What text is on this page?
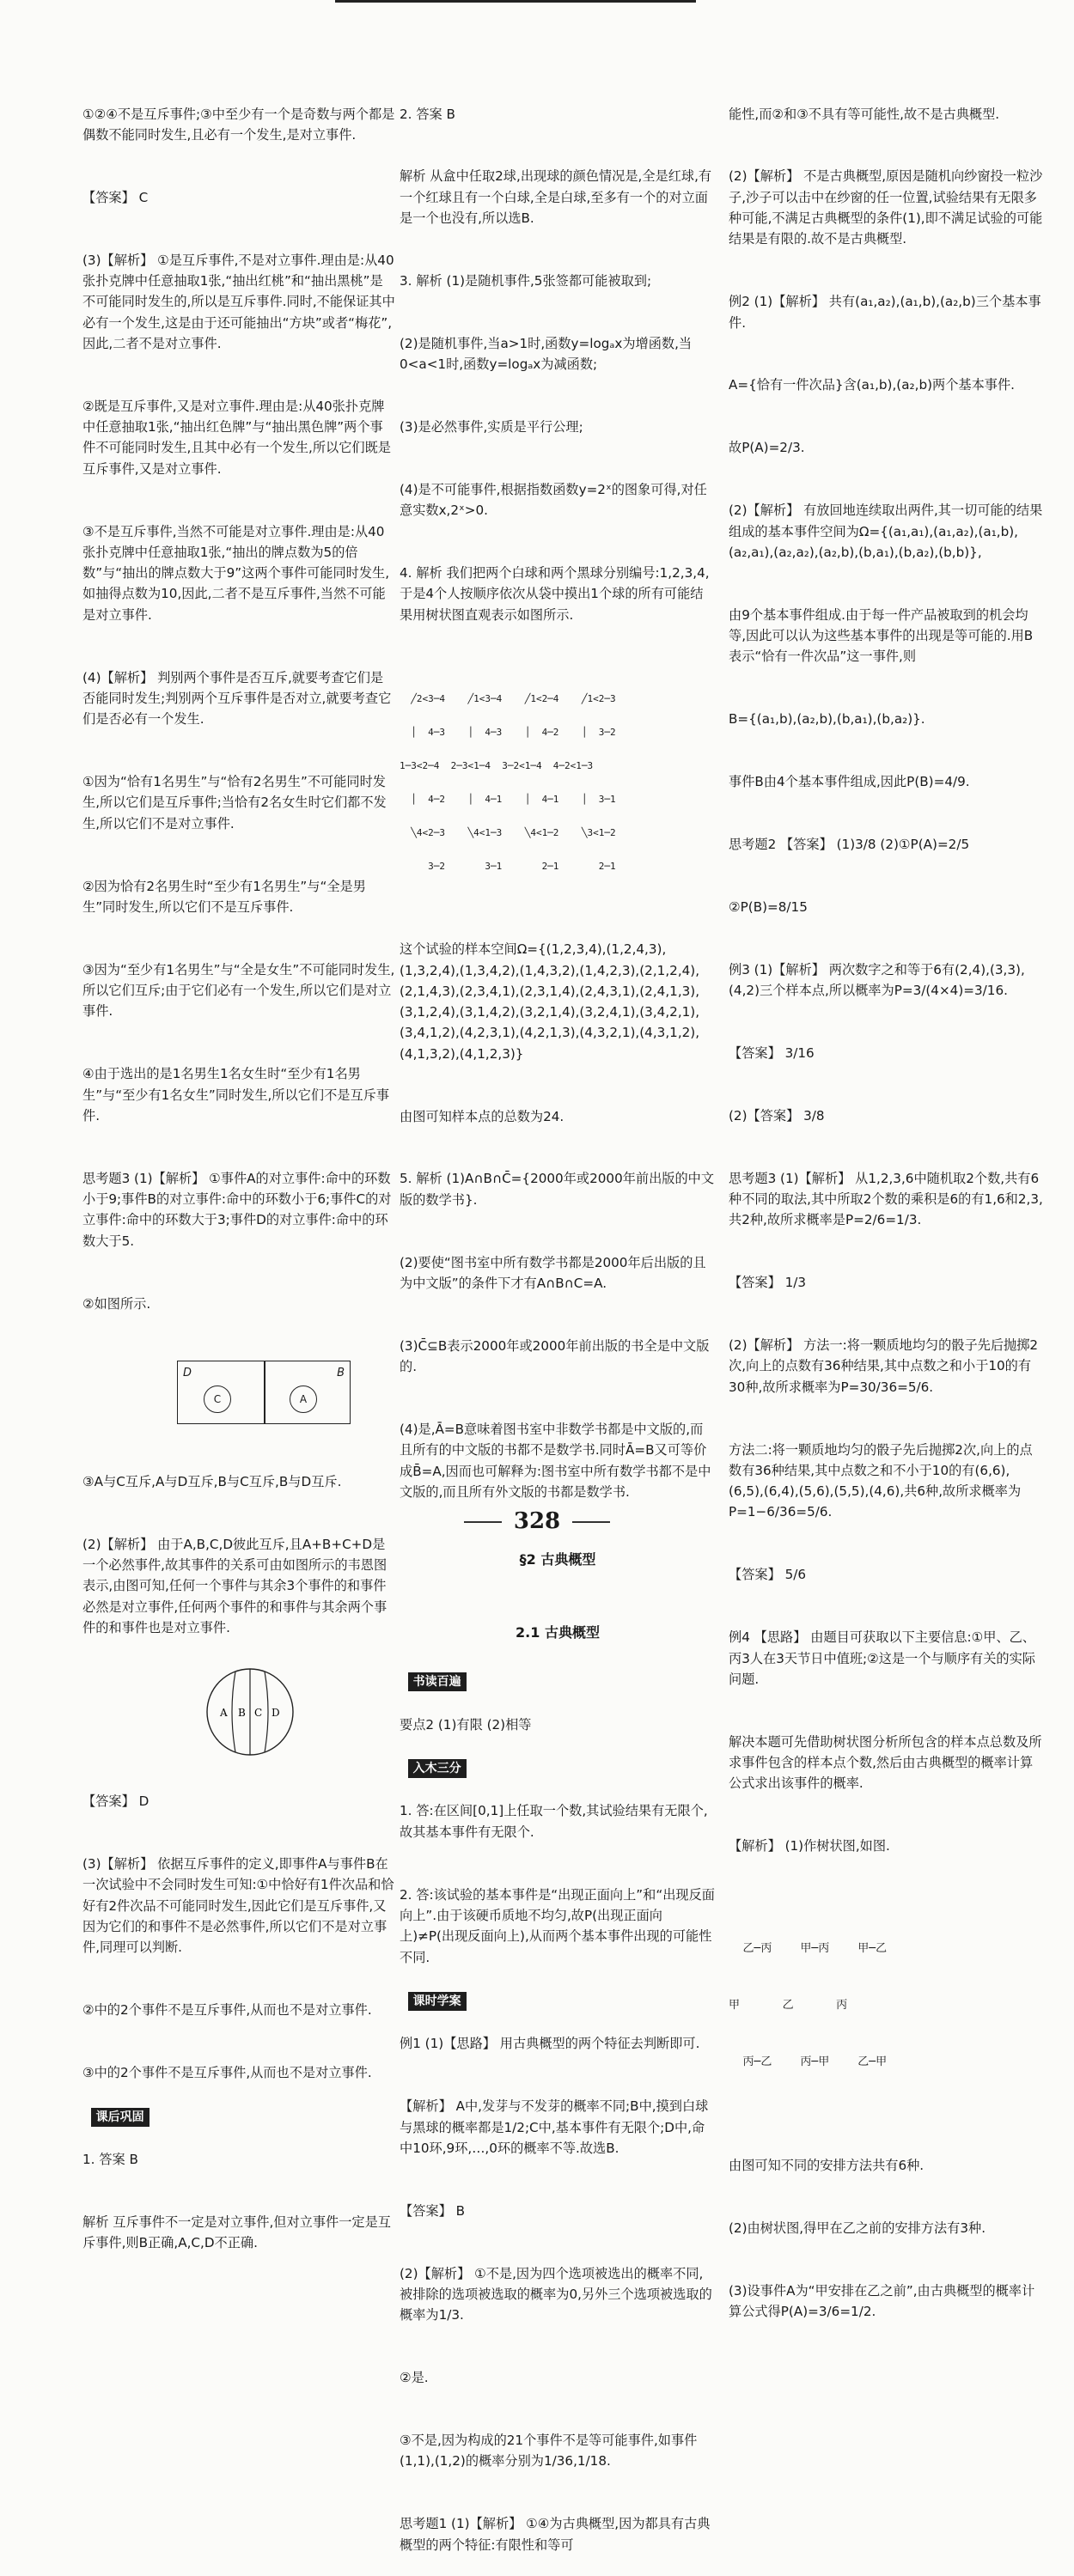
①②④不是互斥事件;③中至少有一个是奇数与两个都是偶数不能同时发生,且必有一个发生,是对立事件.

【答案】 C

(3)【解析】 ①是互斥事件,不是对立事件.理由是:从40张扑克牌中任意抽取1张,“抽出红桃”和“抽出黑桃”是不可能同时发生的,所以是互斥事件.同时,不能保证其中必有一个发生,这是由于还可能抽出“方块”或者“梅花”,因此,二者不是对立事件.

②既是互斥事件,又是对立事件.理由是:从40张扑克牌中任意抽取1张,“抽出红色牌”与“抽出黑色牌”两个事件不可能同时发生,且其中必有一个发生,所以它们既是互斥事件,又是对立事件.

③不是互斥事件,当然不可能是对立事件.理由是:从40张扑克牌中任意抽取1张,“抽出的牌点数为5的倍数”与“抽出的牌点数大于9”这两个事件可能同时发生,如抽得点数为10,因此,二者不是互斥事件,当然不可能是对立事件.

(4)【解析】 判别两个事件是否互斥,就要考查它们是否能同时发生;判别两个互斥事件是否对立,就要考查它们是否必有一个发生.

①因为“恰有1名男生”与“恰有2名男生”不可能同时发生,所以它们是互斥事件;当恰有2名女生时它们都不发生,所以它们不是对立事件.

②因为恰有2名男生时“至少有1名男生”与“全是男生”同时发生,所以它们不是互斥事件.

③因为“至少有1名男生”与“全是女生”不可能同时发生,所以它们互斥;由于它们必有一个发生,所以它们是对立事件.

④由于选出的是1名男生1名女生时“至少有1名男生”与“至少有1名女生”同时发生,所以它们不是互斥事件.

思考题3 (1)【解析】 ①事件A的对立事件:命中的环数小于9;事件B的对立事件:命中的环数小于6;事件C的对立事件:命中的环数大于3;事件D的对立事件:命中的环数大于5.

②如图所示.

D

	B

C

	A

③A与C互斥,A与D互斥,B与C互斥,B与D互斥.

(2)【解析】 由于A,B,C,D彼此互斥,且A+B+C+D是一个必然事件,故其事件的关系可由如图所示的韦恩图表示,由图可知,任何一个事件与其余3个事件的和事件必然是对立事件,任何两个事件的和事件与其余两个事件的和事件也是对立事件.

A B C D

【答案】 D

(3)【解析】 依据互斥事件的定义,即事件A与事件B在一次试验中不会同时发生可知:①中恰好有1件次品和恰好有2件次品不可能同时发生,因此它们是互斥事件,又因为它们的和事件不是必然事件,所以它们不是对立事件,同理可以判断.

②中的2个事件不是互斥事件,从而也不是对立事件.

③中的2个事件不是互斥事件,从而也不是对立事件.

课后巩固

1. 答案 B

解析 互斥事件不一定是对立事件,但对立事件一定是互斥事件,则B正确,A,C,D不正确.

2. 答案 B

解析 从盒中任取2球,出现球的颜色情况是,全是红球,有一个红球且有一个白球,全是白球,至多有一个的对立面是一个也没有,所以选B.

3. 解析 (1)是随机事件,5张签都可能被取到;

(2)是随机事件,当a>1时,函数y=logₐx为增函数,当0<a<1时,函数y=logₐx为减函数;

(3)是必然事件,实质是平行公理;

(4)是不可能事件,根据指数函数y=2ˣ的图象可得,对任意实数x,2ˣ>0.

4. 解析 我们把两个白球和两个黑球分别编号:1,2,3,4,于是4个人按顺序依次从袋中摸出1个球的所有可能结果用树状图直观表示如图所示.

╱2<3─4    ╱1<3─4    ╱1<2─4    ╱1<2─3

│  4─3    │  4─3    │  4─2    │  3─2

1─3<2─4  2─3<1─4  3─2<1─4  4─2<1─3

│  4─2    │  4─1    │  4─1    │  3─1

╲4<2─3    ╲4<1─3    ╲4<1─2    ╲3<1─2

3─2       3─1       2─1       2─1

这个试验的样本空间Ω={(1,2,3,4),(1,2,4,3),(1,3,2,4),(1,3,4,2),(1,4,3,2),(1,4,2,3),(2,1,2,4),(2,1,4,3),(2,3,4,1),(2,3,1,4),(2,4,3,1),(2,4,1,3),(3,1,2,4),(3,1,4,2),(3,2,1,4),(3,2,4,1),(3,4,2,1),(3,4,1,2),(4,2,3,1),(4,2,1,3),(4,3,2,1),(4,3,1,2),(4,1,3,2),(4,1,2,3)}

由图可知样本点的总数为24.

5. 解析 (1)A∩B∩C̄={2000年或2000年前出版的中文版的数学书}.

(2)要使“图书室中所有数学书都是2000年后出版的且为中文版”的条件下才有A∩B∩C=A.

(3)C̄⊆B表示2000年或2000年前出版的书全是中文版的.

(4)是,Ā=B意味着图书室中非数学书都是中文版的,而且所有的中文版的书都不是数学书.同时Ā=B又可等价成B̄=A,因而也可解释为:图书室中所有数学书都不是中文版的,而且所有外文版的书都是数学书.

§2 古典概型

2.1 古典概型

书读百遍

要点2 (1)有限 (2)相等

入木三分

1. 答:在区间[0,1]上任取一个数,其试验结果有无限个,故其基本事件有无限个.

2. 答:该试验的基本事件是“出现正面向上”和“出现反面向上”.由于该硬币质地不均匀,故P(出现正面向上)≠P(出现反面向上),从而两个基本事件出现的可能性不同.

课时学案

例1 (1)【思路】 用古典概型的两个特征去判断即可.

【解析】 A中,发芽与不发芽的概率不同;B中,摸到白球与黑球的概率都是1/2;C中,基本事件有无限个;D中,命中10环,9环,…,0环的概率不等.故选B.

【答案】 B

(2)【解析】 ①不是,因为四个选项被选出的概率不同,被排除的选项被选取的概率为0,另外三个选项被选取的概率为1/3.

②是.

③不是,因为构成的21个事件不是等可能事件,如事件(1,1),(1,2)的概率分别为1/36,1/18.

思考题1 (1)【解析】 ①④为古典概型,因为都具有古典概型的两个特征:有限性和等可

能性,而②和③不具有等可能性,故不是古典概型.

(2)【解析】 不是古典概型,原因是随机向纱窗投一粒沙子,沙子可以击中在纱窗的任一位置,试验结果有无限多种可能,不满足古典概型的条件(1),即不满足试验的可能结果是有限的.故不是古典概型.

例2 (1)【解析】 共有(a₁,a₂),(a₁,b),(a₂,b)三个基本事件.

A={恰有一件次品}含(a₁,b),(a₂,b)两个基本事件.

故P(A)=2/3.

(2)【解析】 有放回地连续取出两件,其一切可能的结果组成的基本事件空间为Ω={(a₁,a₁),(a₁,a₂),(a₁,b),(a₂,a₁),(a₂,a₂),(a₂,b),(b,a₁),(b,a₂),(b,b)},

由9个基本事件组成.由于每一件产品被取到的机会均等,因此可以认为这些基本事件的出现是等可能的.用B表示“恰有一件次品”这一事件,则

B={(a₁,b),(a₂,b),(b,a₁),(b,a₂)}.

事件B由4个基本事件组成,因此P(B)=4/9.

思考题2 【答案】 (1)3/8 (2)①P(A)=2/5

②P(B)=8/15

例3 (1)【解析】 两次数字之和等于6有(2,4),(3,3),(4,2)三个样本点,所以概率为P=3/(4×4)=3/16.

【答案】 3/16

(2)【答案】 3/8

思考题3 (1)【解析】 从1,2,3,6中随机取2个数,共有6种不同的取法,其中所取2个数的乘积是6的有1,6和2,3,共2种,故所求概率是P=2/6=1/3.

【答案】 1/3

(2)【解析】 方法一:将一颗质地均匀的骰子先后抛掷2次,向上的点数有36种结果,其中点数之和小于10的有30种,故所求概率为P=30/36=5/6.

方法二:将一颗质地均匀的骰子先后抛掷2次,向上的点数有36种结果,其中点数之和不小于10的有(6,6),(6,5),(6,4),(5,6),(5,5),(4,6),共6种,故所求概率为P=1−6/36=5/6.

【答案】 5/6

例4 【思路】 由题目可获取以下主要信息:①甲、乙、丙3人在3天节日中值班;②这是一个与顺序有关的实际问题.

解决本题可先借助树状图分析所包含的样本点总数及所求事件包含的样本点个数,然后由古典概型的概率计算公式求出该事件的概率.

【解析】 (1)作树状图,如图.

乙─丙        甲─丙        甲─乙

甲            乙            丙

丙─乙        丙─甲        乙─甲

由图可知不同的安排方法共有6种.

(2)由树状图,得甲在乙之前的安排方法有3种.

(3)设事件A为“甲安排在乙之前”,由古典概型的概率计算公式得P(A)=3/6=1/2.

328
